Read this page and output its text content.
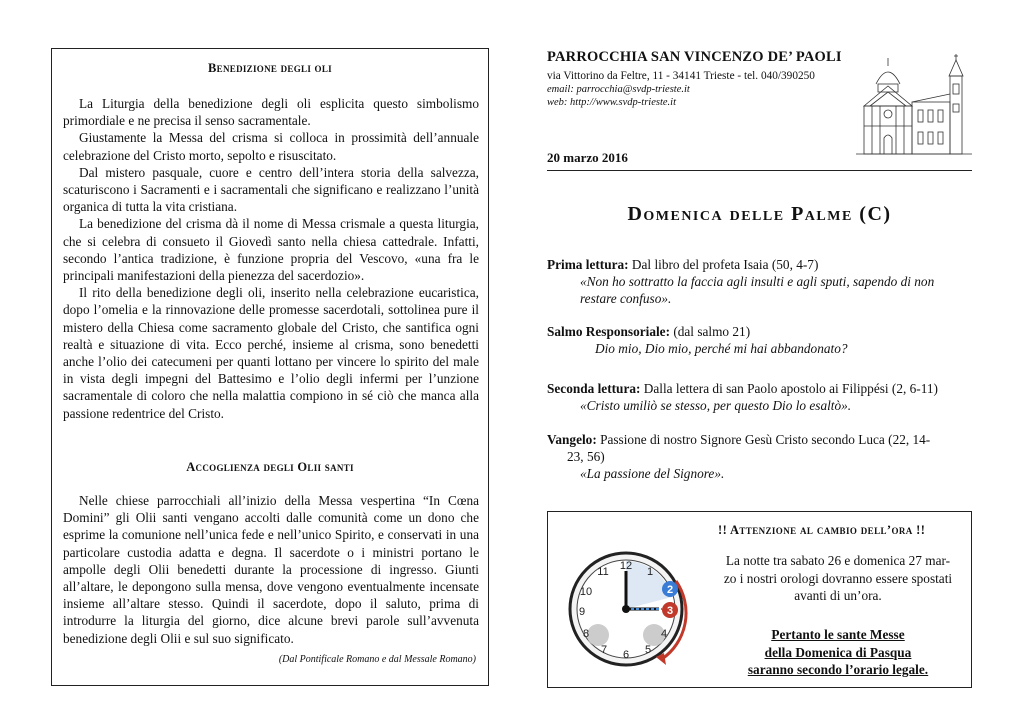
Benedizione degli oli

La Liturgia della benedizione degli oli esplicita questo simbolismo primordiale e ne precisa il senso sacramentale.

Giustamente la Messa del crisma si colloca in prossimità dell’annuale celebrazione del Cristo morto, sepolto e risuscitato.

Dal mistero pasquale, cuore e centro dell’intera storia della salvezza, scaturiscono i Sacramenti e i sacramentali che significano e realizzano l’unità organica di tutta la vita cristiana.

La benedizione del crisma dà il nome di Messa crismale a questa liturgia, che si celebra di consueto il Giovedì santo nella chiesa cattedrale. Infatti, secondo l’antica tradizione, è funzione propria del Vescovo, «una fra le principali manifestazioni della pienezza del sacerdozio».

Il rito della benedizione degli oli, inserito nella celebrazione eucaristica, dopo l’omelia e la rinnovazione delle promesse sacerdotali, sottolinea pure il mistero della Chiesa come sacramento globale del Cristo, che santifica ogni realtà e situazione di vita. Ecco perché, insieme al crisma, sono benedetti anche l’olio dei catecumeni per quanti lottano per vincere lo spirito del male in vista degli impegni del Battesimo e l’olio degli infermi per l’unzione sacramentale di coloro che nella malattia compiono in sé ciò che manca alla passione redentrice del Cristo.

Accoglienza degli Olii santi

Nelle chiese parrocchiali all’inizio della Messa vespertina “In Cœna Domini” gli Olii santi vengano accolti dalle comunità come un dono che esprime la comunione nell’unica fede e nell’unico Spirito, e conservati in una particolare custodia adatta e degna. Il sacerdote o i ministri portano le ampolle degli Olii benedetti durante la processione di ingresso. Giunti all’altare, le depongono sulla mensa, dove vengono eventualmente incensate insieme all’altare stesso. Quindi il sacerdote, dopo il saluto, prima di introdurre la liturgia del giorno, dice alcune brevi parole sull’avvenuta benedizione degli Olii e sul suo significato.

(Dal Pontificale Romano e dal Messale Romano)
PARROCCHIA SAN VINCENZO DE’ PAOLI
via Vittorino da Feltre, 11 - 34141 Trieste - tel. 040/390250
email: parrocchia@svdp-trieste.it
web: http://www.svdp-trieste.it
20 marzo 2016
Domenica delle Palme (C)
Prima lettura: Dal libro del profeta Isaia (50, 4-7)
«Non ho sottratto la faccia agli insulti e agli sputi, sapendo di non restare confuso».
Salmo Responsoriale: (dal salmo 21)
Dio mio, Dio mio, perché mi hai abbandonato?
Seconda lettura: Dalla lettera di san Paolo apostolo ai Filippési (2, 6-11)
«Cristo umiliò se stesso, per questo Dio lo esaltò».
Vangelo: Passione di nostro Signore Gesù Cristo secondo Luca (22, 14-
23, 56)
«La passione del Signore».
!! Attenzione al cambio dell’ora !!
12 1
11
10
9
8
7 6 5
4
2
3
La notte tra sabato 26 e domenica 27 mar-
zo i nostri orologi dovranno essere spostati
avanti di un’ora.
Pertanto le sante Messe
della Domenica di Pasqua
saranno secondo l’orario legale.
